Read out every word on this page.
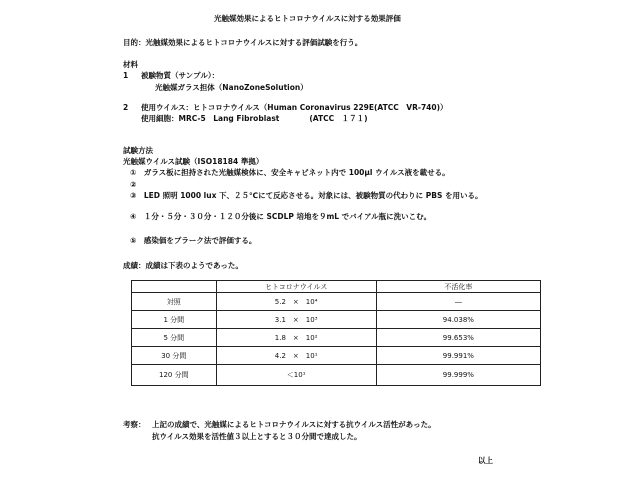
光触媒効果によるヒトコロナウイルスに対する効果評価
目的：光触媒効果によるヒトコロナウイルスに対する評価試験を行う。
材料
1 被験物質（サンプル）：
光触媒ガラス担体（NanoZoneSolution）
2 使用ウイルス：ヒトコロナウイルス（Human Coronavirus 229E(ATCC　VR-740)）
使用細胞：MRC-5　Lang Fibroblast　　　　(ATCC　１７１)
試験方法
光触媒ウイルス試験（ISO18184 準拠）
①　ガラス板に担持された光触媒検体に、安全キャビネット内で 100μl ウイルス液を載せる。
②
③　LED 照明 1000 lux 下、２５℃にて反応させる。対象には、被験物質の代わりに PBS を用いる。
④　１分・５分・３０分・１２０分後に SCDLP 培地を９mL でバイアル瓶に洗いこむ。
⑤　感染価をプラーク法で評価する。
成績：成績は下表のようであった。
	ヒトコロナウイルス	不活化率
対照	5.2　×　10⁴	―
1 分間	3.1　×　10³	94.038%
5 分間	1.8　×　10²	99.653%
30 分間	4.2　×　10¹	99.991%
120 分間	＜10¹	99.999%
考察： 上記の成績で、光触媒によるヒトコロナウイルスに対する抗ウイルス活性があった。
抗ウイルス効果を活性値３以上とすると３０分間で達成した。
以上
